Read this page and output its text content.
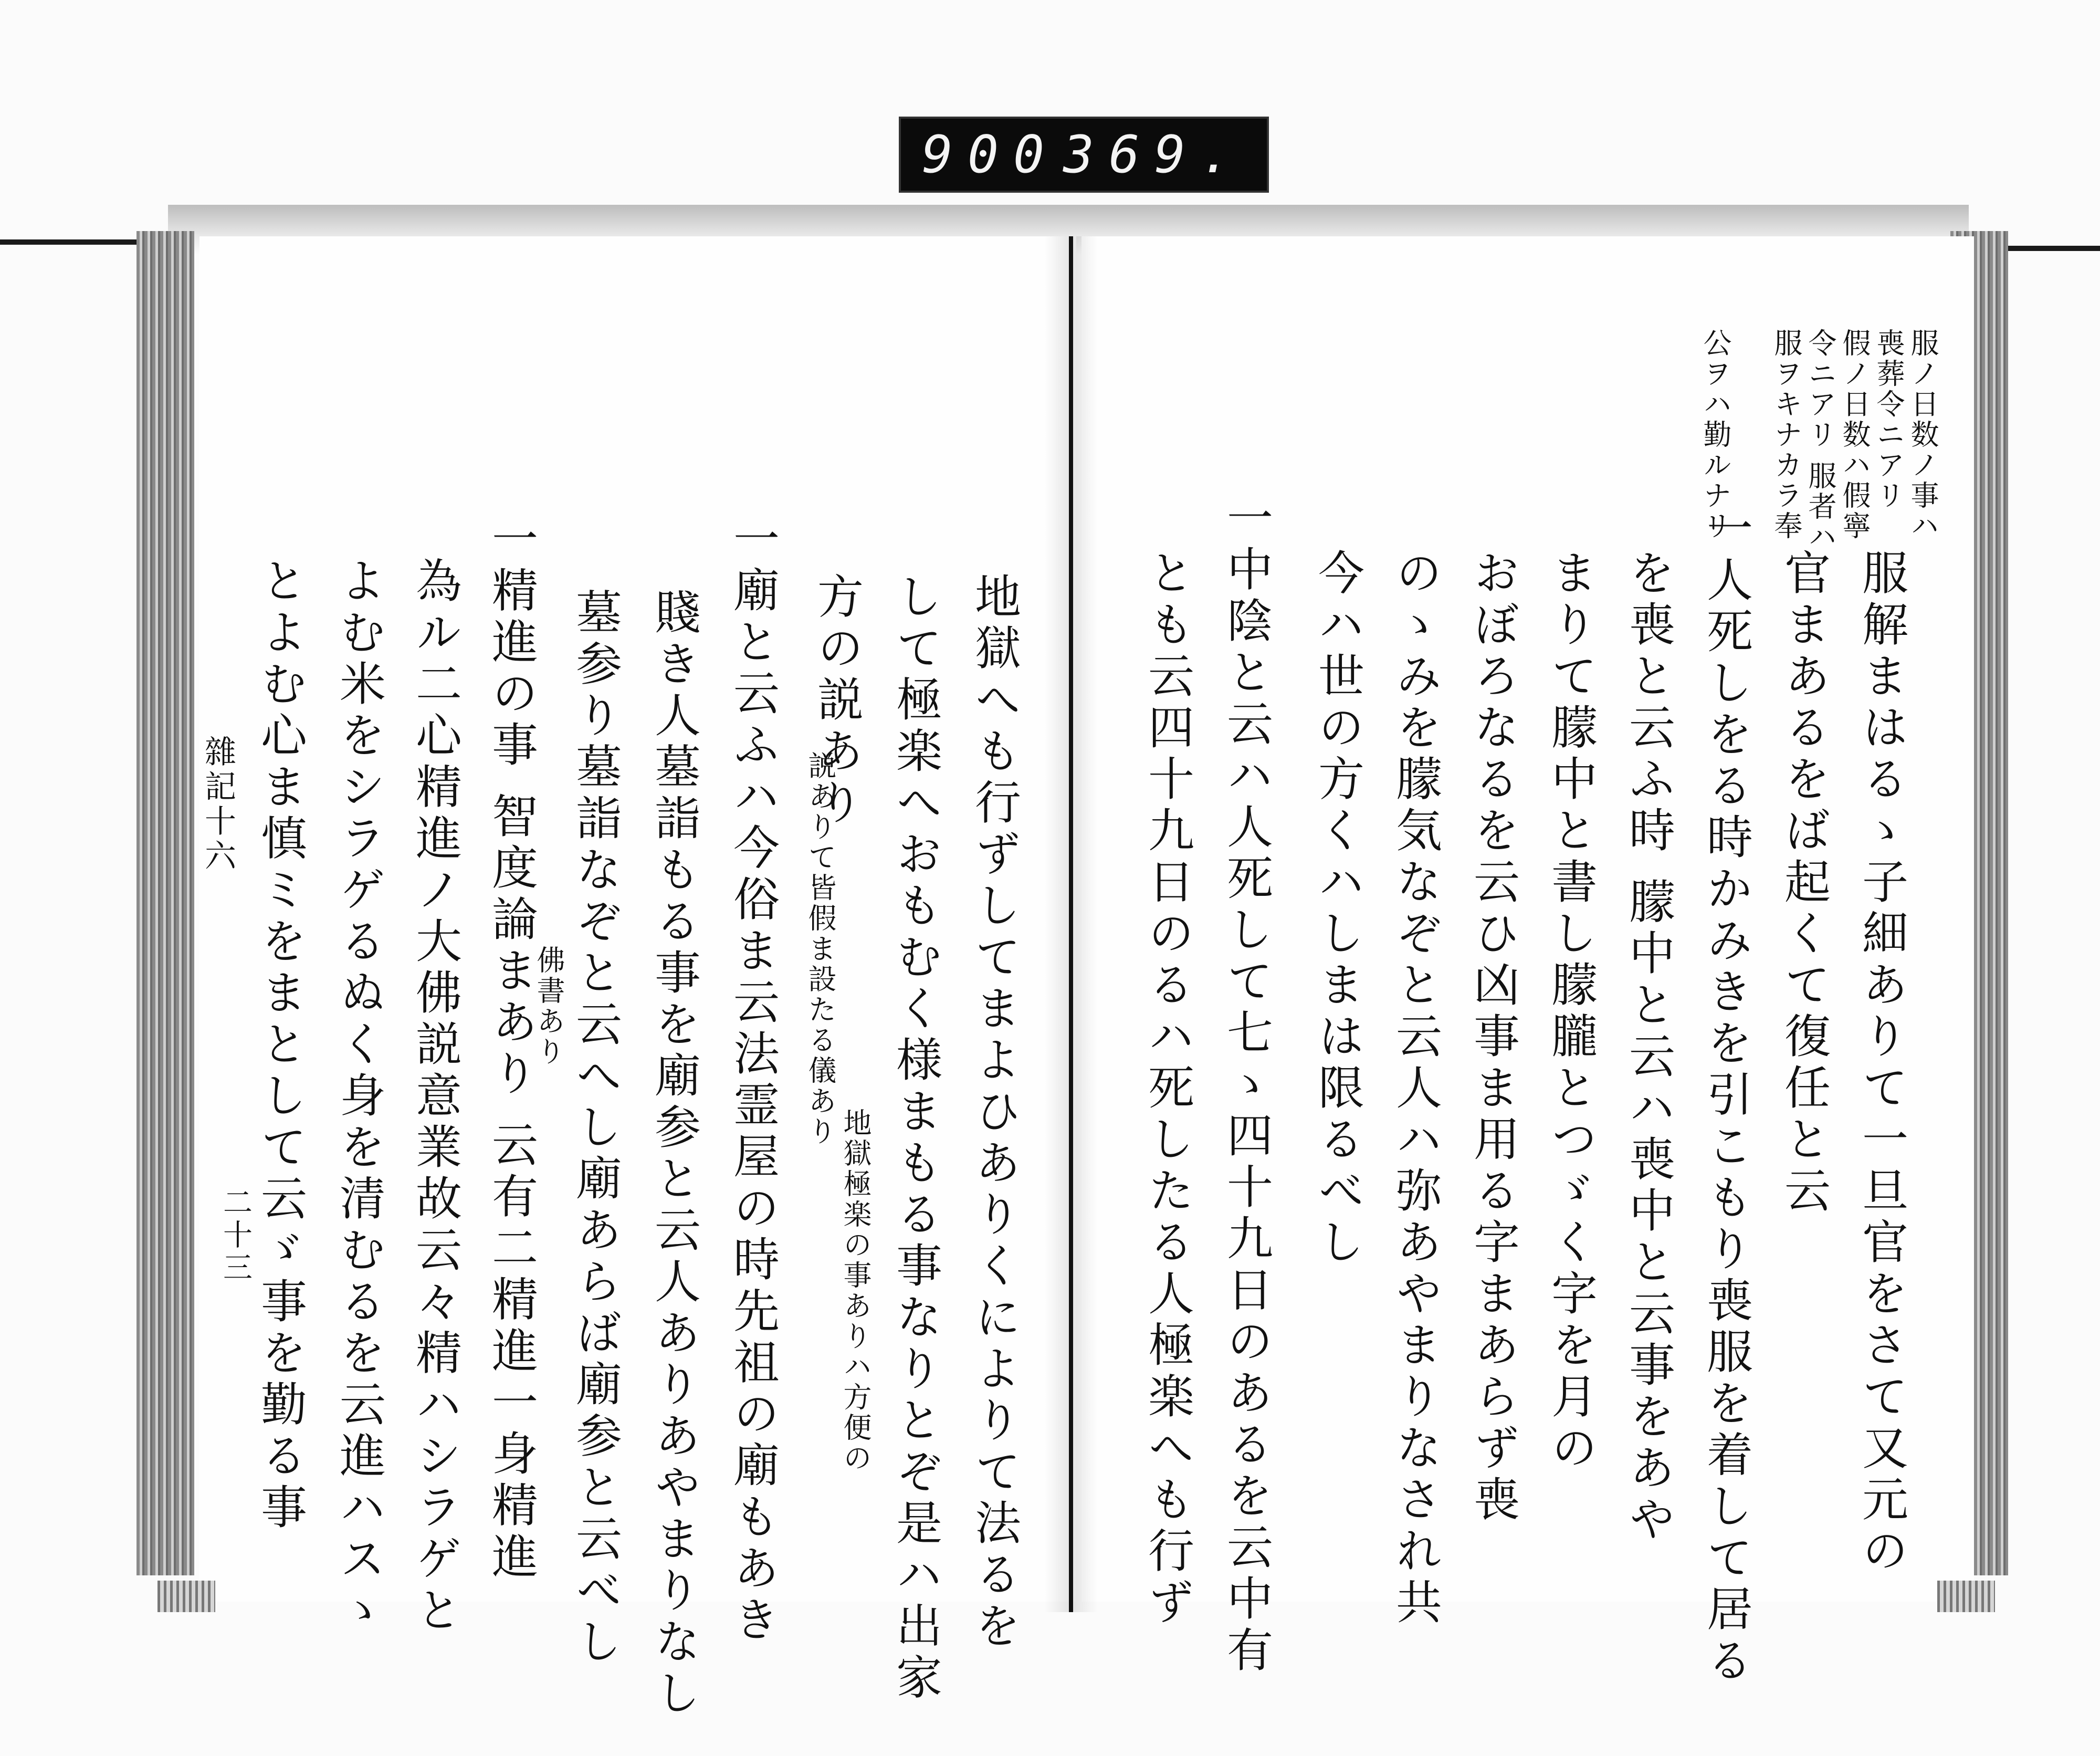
900 369.
服ノ日数ノ事ハ
喪葬令ニアリ
假ノ日数ハ假寧
令ニアリ 服者ハ
服ヲキナカラ奉
公ヲハ勤ルナリ
服解まはるゝ子細ありて一旦官をさて又元の
官まあるをば起くて復任と云
一人死しをる時かみきを引こもり喪服を着して居る
を喪と云ふ時 朦中と云ハ喪中と云事をあや
まりて朦中と書し朦朧とつゞく字を月の
おぼろなるを云ひ凶事ま用る字まあらず喪
のゝみを朦気なぞと云人ハ弥あやまりなされ共
今ハ世の方くハしまは限るべし
一中陰と云ハ人死して七ゝ四十九日のあるを云中有
とも云四十九日のるハ死したる人極楽へも行ず
地獄へも行ずしてまよひありくによりて法るを
して極楽へおもむく様まもる事なりとぞ是ハ出家
方の説あり
地獄極楽の事ありハ方便の
説ありて皆假ま設たる儀あり
一廟と云ふハ今俗ま云法霊屋の時先祖の廟もあき
賤き人墓詣もる事を廟参と云人ありあやまりなし
墓参り墓詣なぞと云へし廟あらば廟参と云べし
一精進の事 智度論まあり 云有二精進一身精進
佛書あり
為ル二心精進ノ大佛説意業故云々精ハシラゲと
よむ米をシラゲるぬく身を清むるを云進ハスゝ
とよむ心ま慎ミをまとして云ゞ事を勤る事
雜記十六
二十三
